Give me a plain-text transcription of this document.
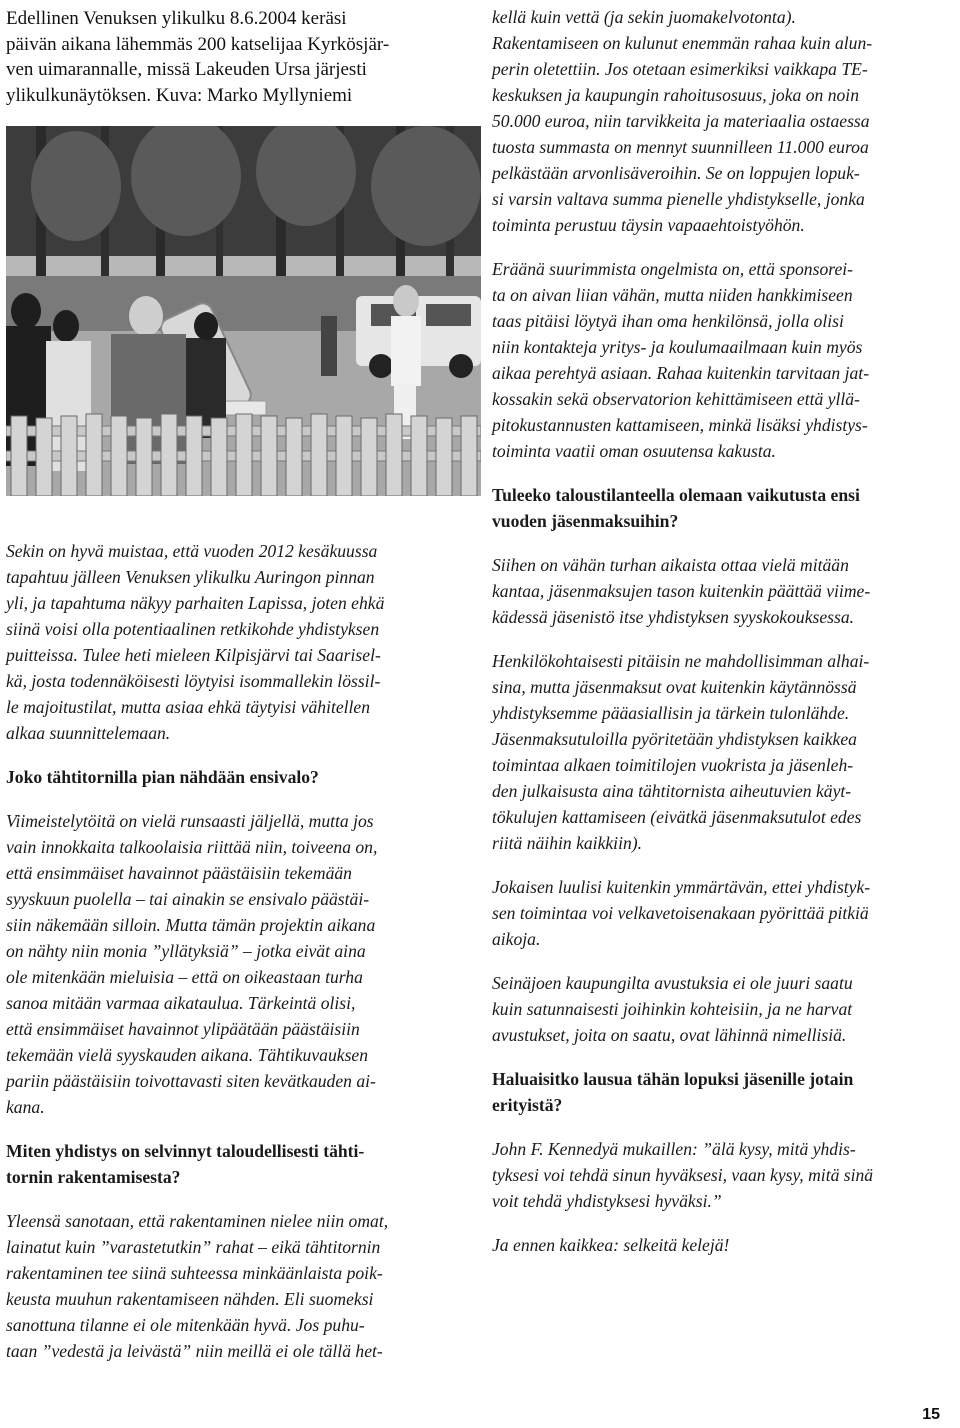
Edellinen Venuksen ylikulku 8.6.2004 keräsi
päivän aikana lähemmäs 200 katselijaa Kyrkösjär-
ven uimarannalle, missä Lakeuden Ursa järjesti
ylikulkunäytöksen. Kuva: Marko Myllyniemi

Sekin on hyvä muistaa, että vuoden 2012 kesäkuussa
tapahtuu jälleen Venuksen ylikulku Auringon pinnan
yli, ja tapahtuma näkyy parhaiten Lapissa, joten ehkä
siinä voisi olla potentiaalinen retkikohde yhdistyksen
puitteissa. Tulee heti mieleen Kilpisjärvi tai Saarisel-
kä, josta todennäköisesti löytyisi isommallekin lössil-
le majoitustilat, mutta asiaa ehkä täytyisi vähitellen
alkaa suunnittelemaan.

Joko tähtitornilla pian nähdään ensivalo?

Viimeistelytöitä on vielä runsaasti jäljellä, mutta jos
vain innokkaita talkoolaisia riittää niin, toiveena on,
että ensimmäiset havainnot päästäisiin tekemään
syyskuun puolella – tai ainakin se ensivalo päästäi-
siin näkemään silloin. Mutta tämän projektin aikana
on nähty niin monia ”yllätyksiä” – jotka eivät aina
ole mitenkään mieluisia – että on oikeastaan turha
sanoa mitään varmaa aikataulua. Tärkeintä olisi,
että ensimmäiset havainnot ylipäätään päästäisiin
tekemään vielä syyskauden aikana. Tähtikuvauksen
pariin päästäisiin toivottavasti siten kevätkauden ai-
kana.

Miten yhdistys on selvinnyt taloudellisesti tähti-
tornin rakentamisesta?

Yleensä sanotaan, että rakentaminen nielee niin omat,
lainatut kuin ”varastetutkin” rahat – eikä tähtitornin
rakentaminen tee siinä suhteessa minkäänlaista poik-
keusta muuhun rakentamiseen nähden. Eli suomeksi
sanottuna tilanne ei ole mitenkään hyvä. Jos puhu-
taan ”vedestä ja leivästä” niin meillä ei ole tällä het-

kellä kuin vettä (ja sekin juomakelvotonta).
Rakentamiseen on kulunut enemmän rahaa kuin alun-
perin oletettiin. Jos otetaan esimerkiksi vaikkapa TE-
keskuksen ja kaupungin rahoitusosuus, joka on noin
50.000 euroa, niin tarvikkeita ja materiaalia ostaessa
tuosta summasta on mennyt suunnilleen 11.000 euroa
pelkästään arvonlisäveroihin. Se on loppujen lopuk-
si varsin valtava summa pienelle yhdistykselle, jonka
toiminta perustuu täysin vapaaehtoistyöhön.

Eräänä suurimmista ongelmista on, että sponsorei-
ta on aivan liian vähän, mutta niiden hankkimiseen
taas pitäisi löytyä ihan oma henkilönsä, jolla olisi
niin kontakteja yritys- ja koulumaailmaan kuin myös
aikaa perehtyä asiaan. Rahaa kuitenkin tarvitaan jat-
kossakin sekä observatorion kehittämiseen että yllä-
pitokustannusten kattamiseen, minkä lisäksi yhdistys-
toiminta vaatii oman osuutensa kakusta.

Tuleeko taloustilanteella olemaan vaikutusta ensi
vuoden jäsenmaksuihin?

Siihen on vähän turhan aikaista ottaa vielä mitään
kantaa, jäsenmaksujen tason kuitenkin päättää viime-
kädessä jäsenistö itse yhdistyksen syyskokouksessa.

Henkilökohtaisesti pitäisin ne mahdollisimman alhai-
sina, mutta jäsenmaksut ovat kuitenkin käytännössä
yhdistyksemme pääasiallisin ja tärkein tulonlähde.
Jäsenmaksutuloilla pyöritetään yhdistyksen kaikkea
toimintaa alkaen toimitilojen vuokrista ja jäsenleh-
den julkaisusta aina tähtitornista aiheutuvien käyt-
tökulujen kattamiseen (eivätkä jäsenmaksutulot edes
riitä näihin kaikkiin).

Jokaisen luulisi kuitenkin ymmärtävän, ettei yhdistyk-
sen toimintaa voi velkavetoisenakaan pyörittää pitkiä
aikoja.

Seinäjoen kaupungilta avustuksia ei ole juuri saatu
kuin satunnaisesti joihinkin kohteisiin, ja ne harvat
avustukset, joita on saatu, ovat lähinnä nimellisiä.

Haluaisitko lausua tähän lopuksi jäsenille jotain
erityistä?

John F. Kennedyä mukaillen: ”älä kysy, mitä yhdis-
tyksesi voi tehdä sinun hyväksesi, vaan kysy, mitä sinä
voit tehdä yhdistyksesi hyväksi.”

Ja ennen kaikkea: selkeitä kelejä!

15
